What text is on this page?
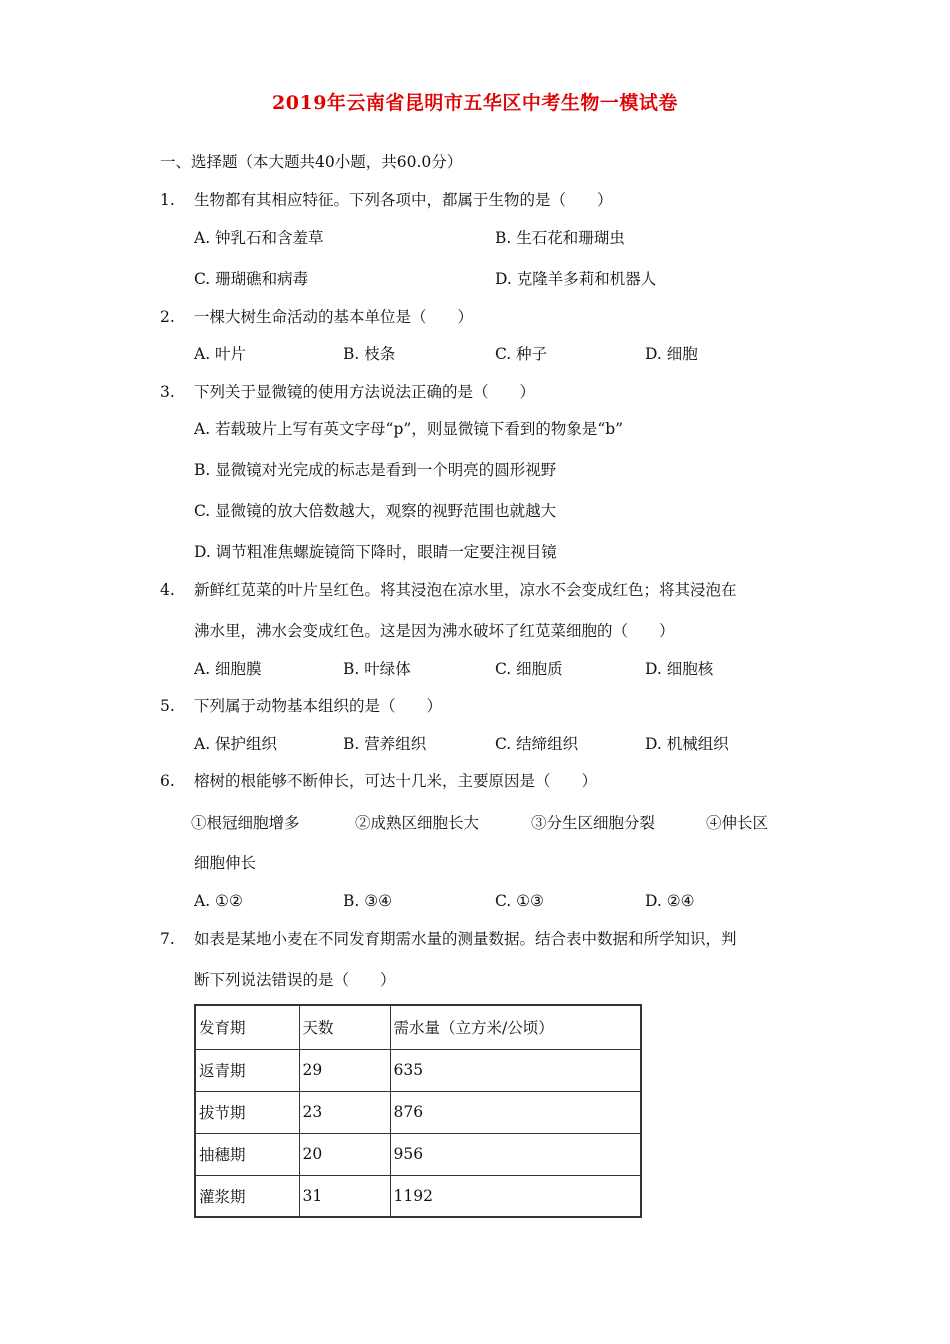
2019年云南省昆明市五华区中考生物一模试卷
一、选择题（本大题共40小题，共60.0分）
1. 生物都有其相应特征。下列各项中，都属于生物的是（　　）
A. 钟乳石和含羞草	B. 生石花和珊瑚虫
C. 珊瑚礁和病毒	D. 克隆羊多莉和机器人
2. 一棵大树生命活动的基本单位是（　　）
A. 叶片	B. 枝条	C. 种子	D. 细胞
3. 下列关于显微镜的使用方法说法正确的是（　　）
A. 若载玻片上写有英文字母“p”，则显微镜下看到的物象是“b”
B. 显微镜对光完成的标志是看到一个明亮的圆形视野
C. 显微镜的放大倍数越大，观察的视野范围也就越大
D. 调节粗准焦螺旋镜筒下降时，眼睛一定要注视目镜
4. 新鲜红苋菜的叶片呈红色。将其浸泡在凉水里，凉水不会变成红色；将其浸泡在
沸水里，沸水会变成红色。这是因为沸水破坏了红苋菜细胞的（　　）
A. 细胞膜	B. 叶绿体	C. 细胞质	D. 细胞核
5. 下列属于动物基本组织的是（　　）
A. 保护组织	B. 营养组织	C. 结缔组织	D. 机械组织
6. 榕树的根能够不断伸长，可达十几米，主要原因是（　　）
①根冠细胞增多	②成熟区细胞长大	③分生区细胞分裂	④伸长区
细胞伸长
A. ①②	B. ③④	C. ①③	D. ②④
7. 如表是某地小麦在不同发育期需水量的测量数据。结合表中数据和所学知识，判
断下列说法错误的是（　　）
发育期	天数	需水量（立方米/公顷）
返青期	29	635
拔节期	23	876
抽穗期	20	956
灌浆期	31	1192
